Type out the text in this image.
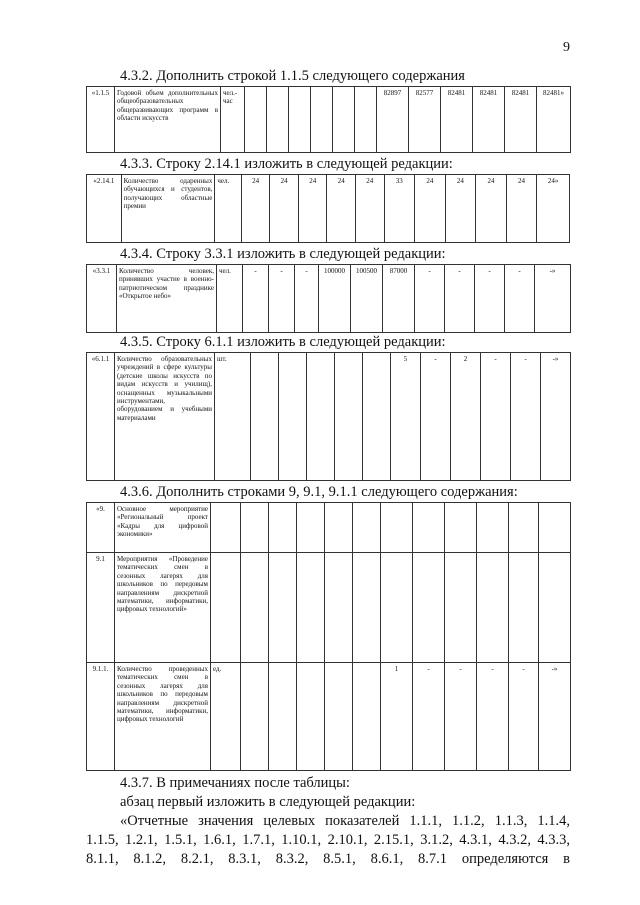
9
4.3.2. Дополнить строкой 1.1.5 следующего содержания
«1.1.5	Годовой объем дополнительных общеобразовательных общеразвивающих программ в области искусств	чел.-час							82897	82577	82481	82481	82481	82481»
4.3.3. Строку 2.14.1 изложить в следующей редакции:
«2.14.1	Количество одаренных обучающихся и студентов, получающих областные премии	чел.	24	24	24	24	24	33	24	24	24	24	24»
4.3.4. Строку 3.3.1 изложить в следующей редакции:
«3.3.1	Количество человек, принявших участие в военно-патриотическом празднике «Открытое небо»	чел.	-	-	-	100000	100500	87000	-	-	-	-	-»
4.3.5. Строку 6.1.1 изложить в следующей редакции:
«6.1.1	Количество образовательных учреждений в сфере культуры (детские школы искусств по видам искусств и училищ), оснащенных музыкальными инструментами, оборудованием и учебными материалами	шт.						5	-	2	-	-	-»
4.3.6. Дополнить строками 9, 9.1, 9.1.1 следующего содержания:
«9.	Основное мероприятие «Региональный проект «Кадры для цифровой экономики»												
9.1	Мероприятия «Проведение тематических смен в сезонных лагерях для школьников по передовым направлениям дискретной математики, информатики, цифровых технологий»												
9.1.1.	Количество проведенных тематических смен в сезонных лагерях для школьников по передовым направлениям дискретной математики, информатики, цифровых технологий	ед.						1	-	-	-	-	-»
4.3.7. В примечаниях после таблицы:
абзац первый изложить в следующей редакции:
«Отчетные значения целевых показателей 1.1.1, 1.1.2, 1.1.3, 1.1.4,
1.1.5, 1.2.1, 1.5.1, 1.6.1, 1.7.1, 1.10.1, 2.10.1, 2.15.1, 3.1.2, 4.3.1, 4.3.2, 4.3.3,
8.1.1, 8.1.2, 8.2.1, 8.3.1, 8.3.2, 8.5.1, 8.6.1, 8.7.1 определяются в
